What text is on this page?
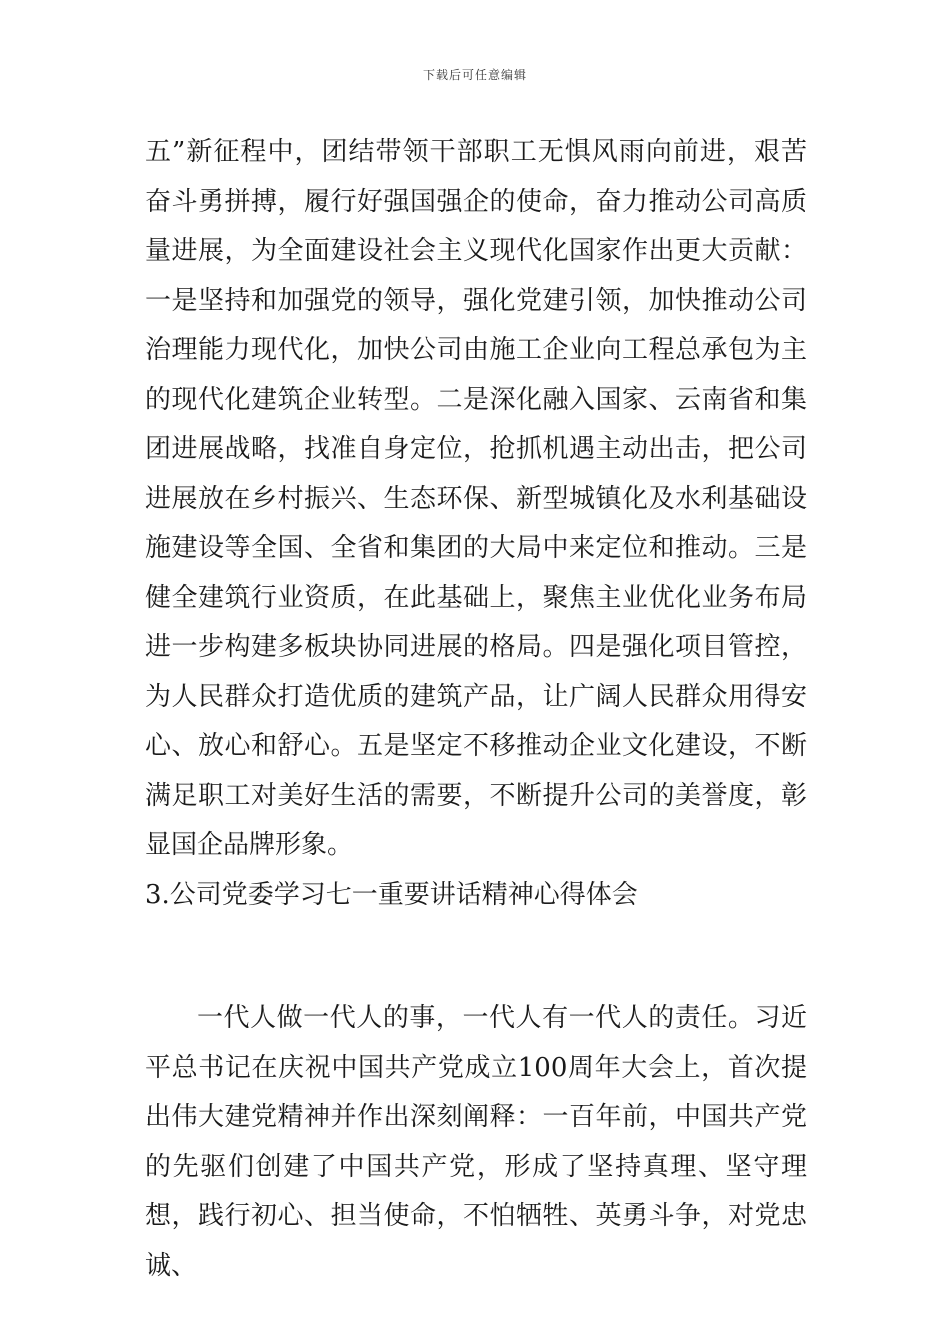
下载后可任意编辑

五”新征程中，团结带领干部职工无惧风雨向前进，艰苦奋斗勇拼搏，履行好强国强企的使命，奋力推动公司高质量进展，为全面建设社会主义现代化国家作出更大贡献：一是坚持和加强党的领导，强化党建引领，加快推动公司治理能力现代化，加快公司由施工企业向工程总承包为主的现代化建筑企业转型。二是深化融入国家、云南省和集团进展战略，找准自身定位，抢抓机遇主动出击，把公司进展放在乡村振兴、生态环保、新型城镇化及水利基础设施建设等全国、全省和集团的大局中来定位和推动。三是健全建筑行业资质，在此基础上，聚焦主业优化业务布局进一步构建多板块协同进展的格局。四是强化项目管控，为人民群众打造优质的建筑产品，让广阔人民群众用得安心、放心和舒心。五是坚定不移推动企业文化建设，不断满足职工对美好生活的需要，不断提升公司的美誉度，彰显国企品牌形象。

3.公司党委学习七一重要讲话精神心得体会

一代人做一代人的事，一代人有一代人的责任。习近平总书记在庆祝中国共产党成立100周年大会上，首次提出伟大建党精神并作出深刻阐释：一百年前，中国共产党的先驱们创建了中国共产党，形成了坚持真理、坚守理想，践行初心、担当使命，不怕牺牲、英勇斗争，对党忠诚、
